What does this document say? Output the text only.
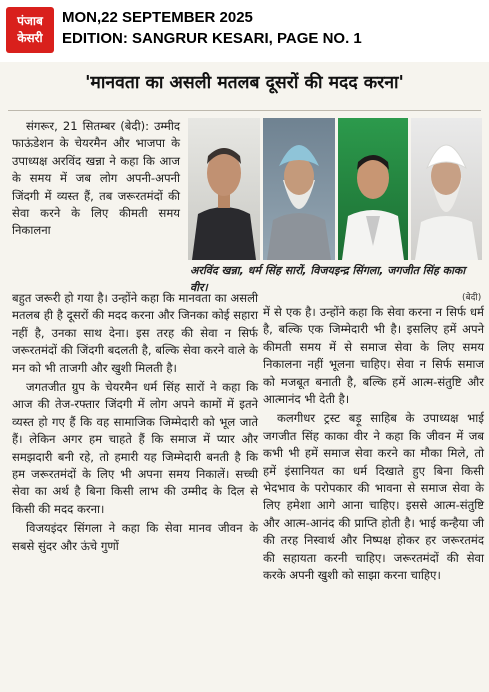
पंजाब
केसरी
MON,22 SEPTEMBER 2025
EDITION: SANGRUR KESARI, PAGE NO. 1
'मानवता का असली मतलब दूसरों की मदद करना'

संगरूर, 21 सितम्बर (बेदी): उम्मीद फाऊंडेशन के चेयरमैन और भाजपा के उपाध्यक्ष अरविंद खन्ना ने कहा कि आज के समय में जब लोग अपनी-अपनी जिंदगी में व्यस्त हैं, तब जरूरतमंदों की सेवा करने के लिए कीमती समय निकालना

अरविंद खन्ना, धर्म सिंह सारों, विजयइन्द्र सिंगला, जगजीत सिंह काका वीर।
(बेदी)

बहुत जरूरी हो गया है। उन्होंने कहा कि मानवता का असली मतलब ही है दूसरों की मदद करना और जिनका कोई सहारा नहीं है, उनका साथ देना। इस तरह की सेवा न सिर्फ जरूरतमंदों की जिंदगी बदलती है, बल्कि सेवा करने वाले के मन को भी ताजगी और खुशी मिलती है।

जगतजीत ग्रुप के चेयरमैन धर्म सिंह सारों ने कहा कि आज की तेज-रफ्तार जिंदगी में लोग अपने कामों में इतने व्यस्त हो गए हैं कि वह सामाजिक जिम्मेदारी को भूल जाते हैं। लेकिन अगर हम चाहते हैं कि समाज में प्यार और समझदारी बनी रहे, तो हमारी यह जिम्मेदारी बनती है कि हम जरूरतमंदों के लिए भी अपना समय निकालें। सच्ची सेवा का अर्थ है बिना किसी लाभ की उम्मीद के दिल से किसी की मदद करना।

विजयइंदर सिंगला ने कहा कि सेवा मानव जीवन के सबसे सुंदर और ऊंचे गुणों

में से एक है। उन्होंने कहा कि सेवा करना न सिर्फ धर्म है, बल्कि एक जिम्मेदारी भी है। इसलिए हमें अपने कीमती समय में से समाज सेवा के लिए समय निकालना नहीं भूलना चाहिए। सेवा न सिर्फ समाज को मजबूत बनाती है, बल्कि हमें आत्म-संतुष्टि और आत्मानंद भी देती है।

कलगीधर ट्रस्ट बड़ू साहिब के उपाध्यक्ष भाई जगजीत सिंह काका वीर ने कहा कि जीवन में जब कभी भी हमें समाज सेवा करने का मौका मिले, तो हमें इंसानियत का धर्म दिखाते हुए बिना किसी भेदभाव के परोपकार की भावना से समाज सेवा के लिए हमेशा आगे आना चाहिए। इससे आत्म-संतुष्टि और आत्म-आनंद की प्राप्ति होती है। भाई कन्हैया जी की तरह निस्वार्थ और निष्पक्ष होकर हर जरूरतमंद की सहायता करनी चाहिए। जरूरतमंदों की सेवा करके अपनी खुशी को साझा करना चाहिए।
